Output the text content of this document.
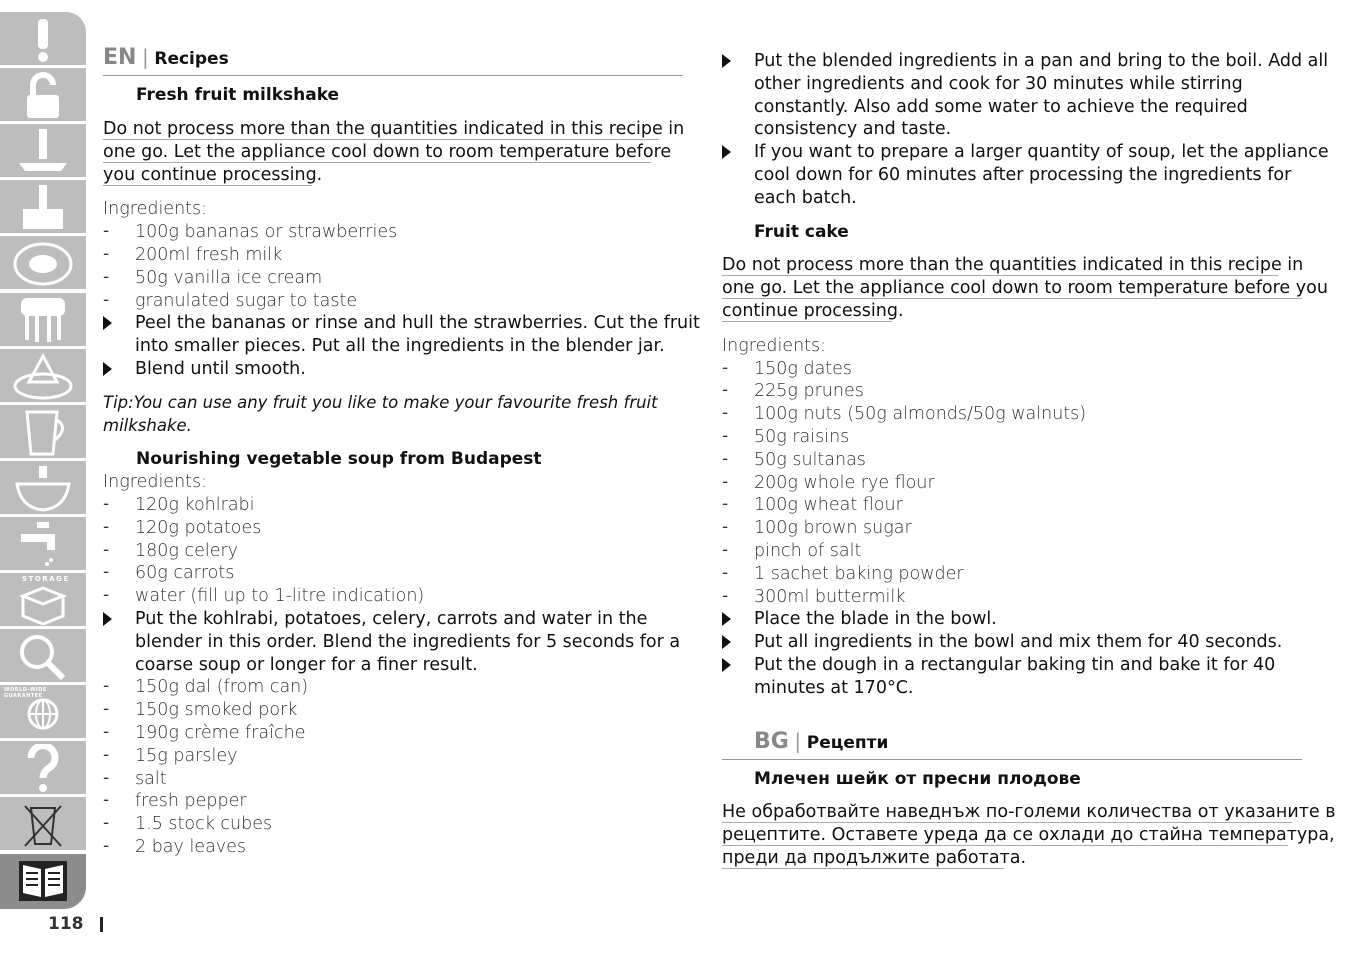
STORAGE
WORLD-WIDE GUARANTEE
118
EN | Recipes
Fresh fruit milkshake
Do not process more than the quantities indicated in this recipe in
one go. Let the appliance cool down to room temperature before
you continue processing.
Ingredients:
- 100g bananas or strawberries
- 200ml fresh milk
- 50g vanilla ice cream
- granulated sugar to taste
Peel the bananas or rinse and hull the strawberries. Cut the fruit
into smaller pieces. Put all the ingredients in the blender jar.
Blend until smooth.
Tip:You can use any fruit you like to make your favourite fresh fruit
milkshake.
Nourishing vegetable soup from Budapest
Ingredients:
- 120g kohlrabi
- 120g potatoes
- 180g celery
- 60g carrots
- water (fill up to 1-litre indication)
Put the kohlrabi, potatoes, celery, carrots and water in the
blender in this order. Blend the ingredients for 5 seconds for a
coarse soup or longer for a finer result.
- 150g dal (from can)
- 150g smoked pork
- 190g crème fraîche
- 15g parsley
- salt
- fresh pepper
- 1.5 stock cubes
- 2 bay leaves
Put the blended ingredients in a pan and bring to the boil. Add all
other ingredients and cook for 30 minutes while stirring
constantly. Also add some water to achieve the required
consistency and taste.
If you want to prepare a larger quantity of soup, let the appliance
cool down for 60 minutes after processing the ingredients for
each batch.
Fruit cake
Do not process more than the quantities indicated in this recipe in
one go. Let the appliance cool down to room temperature before you
continue processing.
Ingredients:
- 150g dates
- 225g prunes
- 100g nuts (50g almonds/50g walnuts)
- 50g raisins
- 50g sultanas
- 200g whole rye flour
- 100g wheat flour
- 100g brown sugar
- pinch of salt
- 1 sachet baking powder
- 300ml buttermilk
Place the blade in the bowl.
Put all ingredients in the bowl and mix them for 40 seconds.
Put the dough in a rectangular baking tin and bake it for 40
minutes at 170°C.
BG | Рецепти
Млечен шейк от пресни плодове
Не обработвайте наведнъж по-големи количества от указаните в
рецептите. Оставете уреда да се охлади до стайна температура,
преди да продължите работата.
